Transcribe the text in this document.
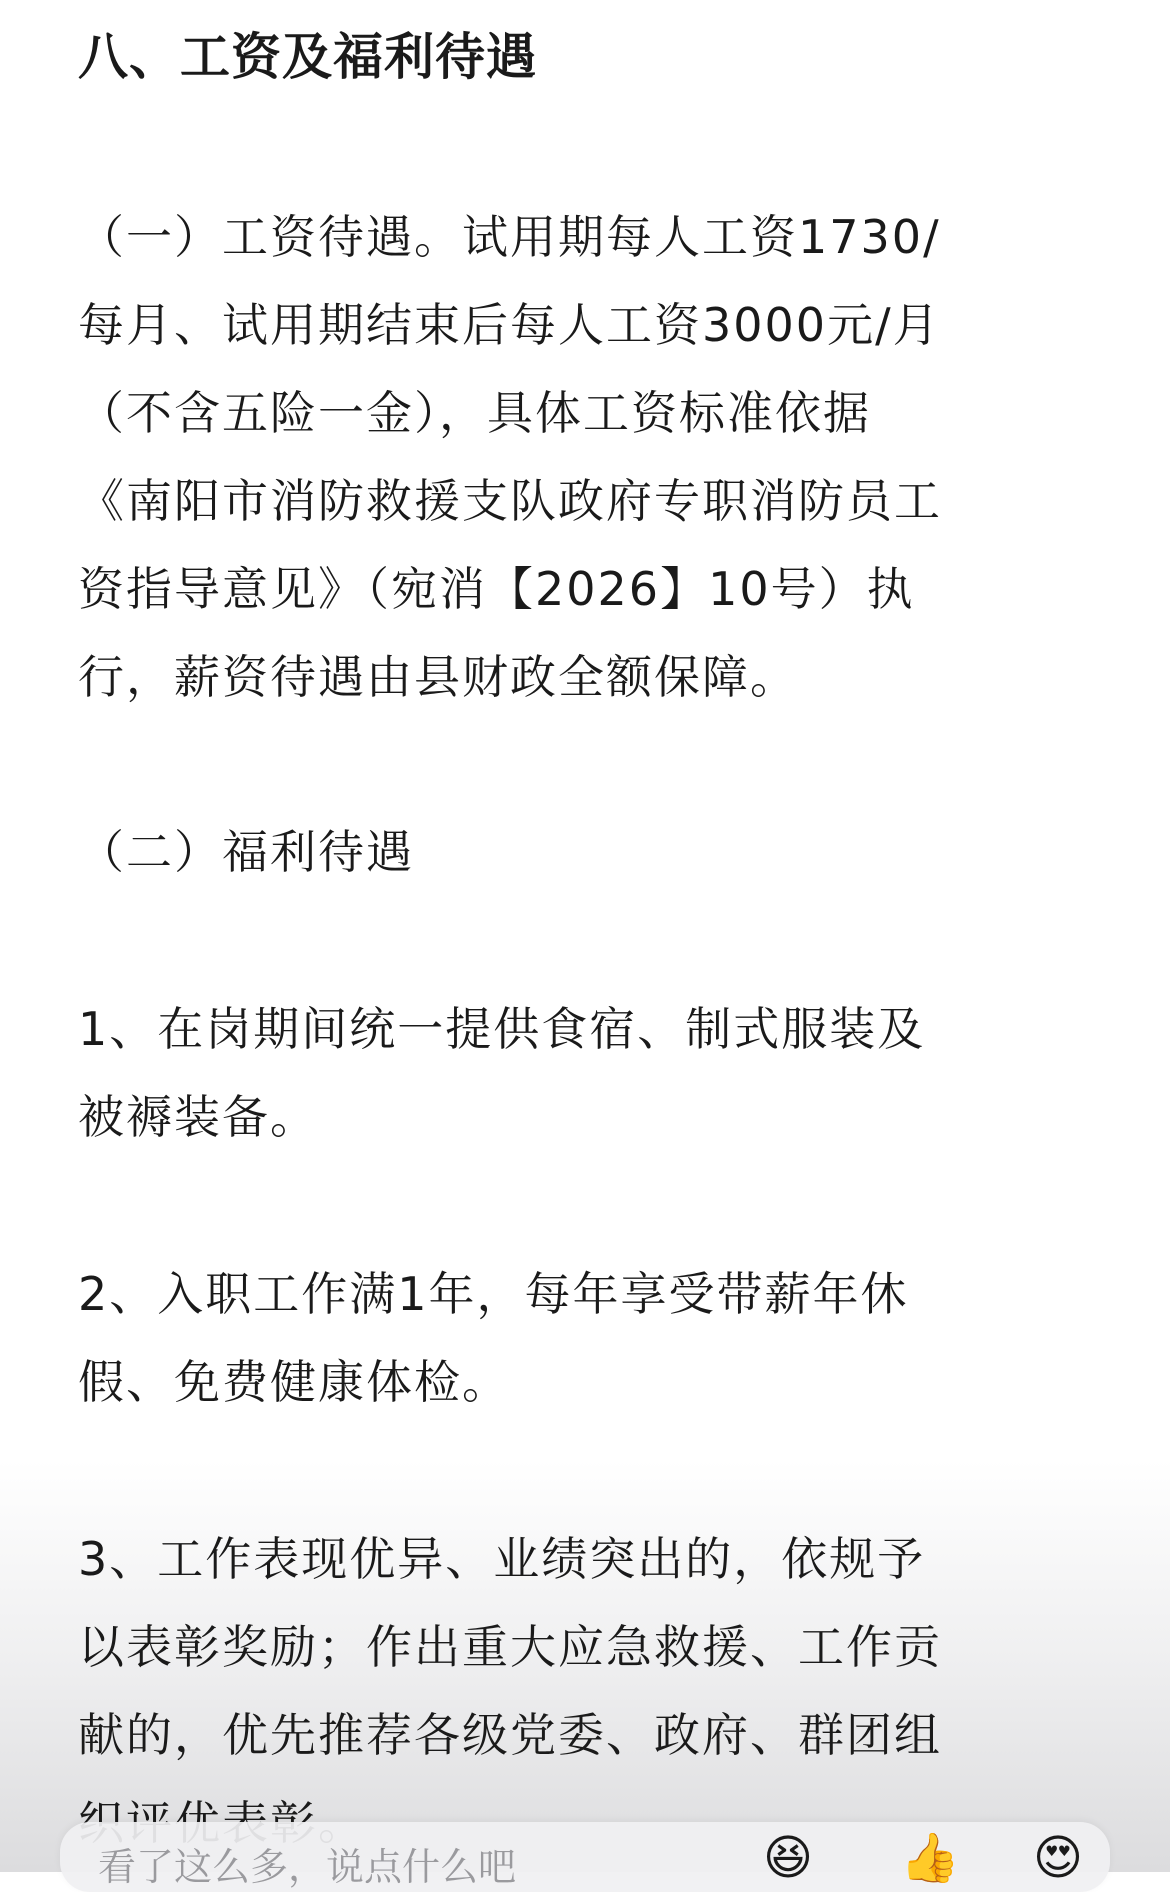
八、工资及福利待遇
（一）工资待遇。试用期每人工资1730/
每月、试用期结束后每人工资3000元/月
（不含五险一金），具体工资标准依据
《南阳市消防救援支队政府专职消防员工
资指导意见》（宛消【2026】10号）执
行，薪资待遇由县财政全额保障。
（二）福利待遇
1、在岗期间统一提供食宿、制式服装及
被褥装备。
2、入职工作满1年，每年享受带薪年休
假、免费健康体检。
3、工作表现优异、业绩突出的，依规予
以表彰奖励；作出重大应急救援、工作贡
献的，优先推荐各级党委、政府、群团组
看了这么多，说点什么吧	😆 👍 😍
